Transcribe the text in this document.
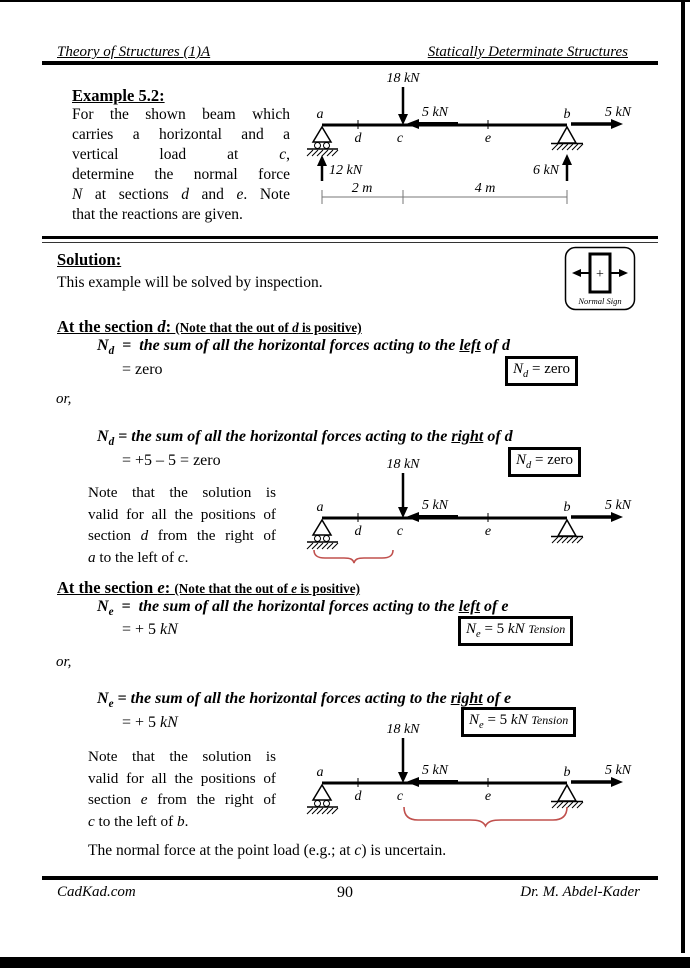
Theory of Structures (1)A	Statically Determinate Structures
Example 5.2:
For the shown beam which
carries a horizontal and a
vertical load at c,
determine the normal force
N at sections d and e. Note
that the reactions are given.
18 kN
5 kN
a	b
d	c	e
5 kN
12 kN	6 kN
2 m	4 m
Solution:
This example will be solved by inspection.	+
Normal Sign
At the section d: (Note that the out of d is positive)
$N_d$  =  the sum of all the horizontal forces acting to the left of d
= zero	$N_d$ = zero
or,
$N_d$ = the sum of all the horizontal forces acting to the right of d
= +5 – 5 = zero	$N_d$ = zero
Note that the solution is
valid for all the positions of
section d from the right of
a to the left of c.
18 kN
5 kN
a	b
d	c	e
5 kN
At the section e: (Note that the out of e is positive)
$N_e$  =  the sum of all the horizontal forces acting to the left of e
= + 5 kN	$N_e = 5$ kN Tension
or,
$N_e$ = the sum of all the horizontal forces acting to the right of e
= + 5 kN	$N_e = 5$ kN Tension
Note that the solution is
valid for all the positions of
section e from the right of
c to the left of b.
18 kN
5 kN
a	b
d	c	e
5 kN
The normal force at the point load (e.g.; at c) is uncertain.
CadKad.com	90	Dr. M. Abdel-Kader
